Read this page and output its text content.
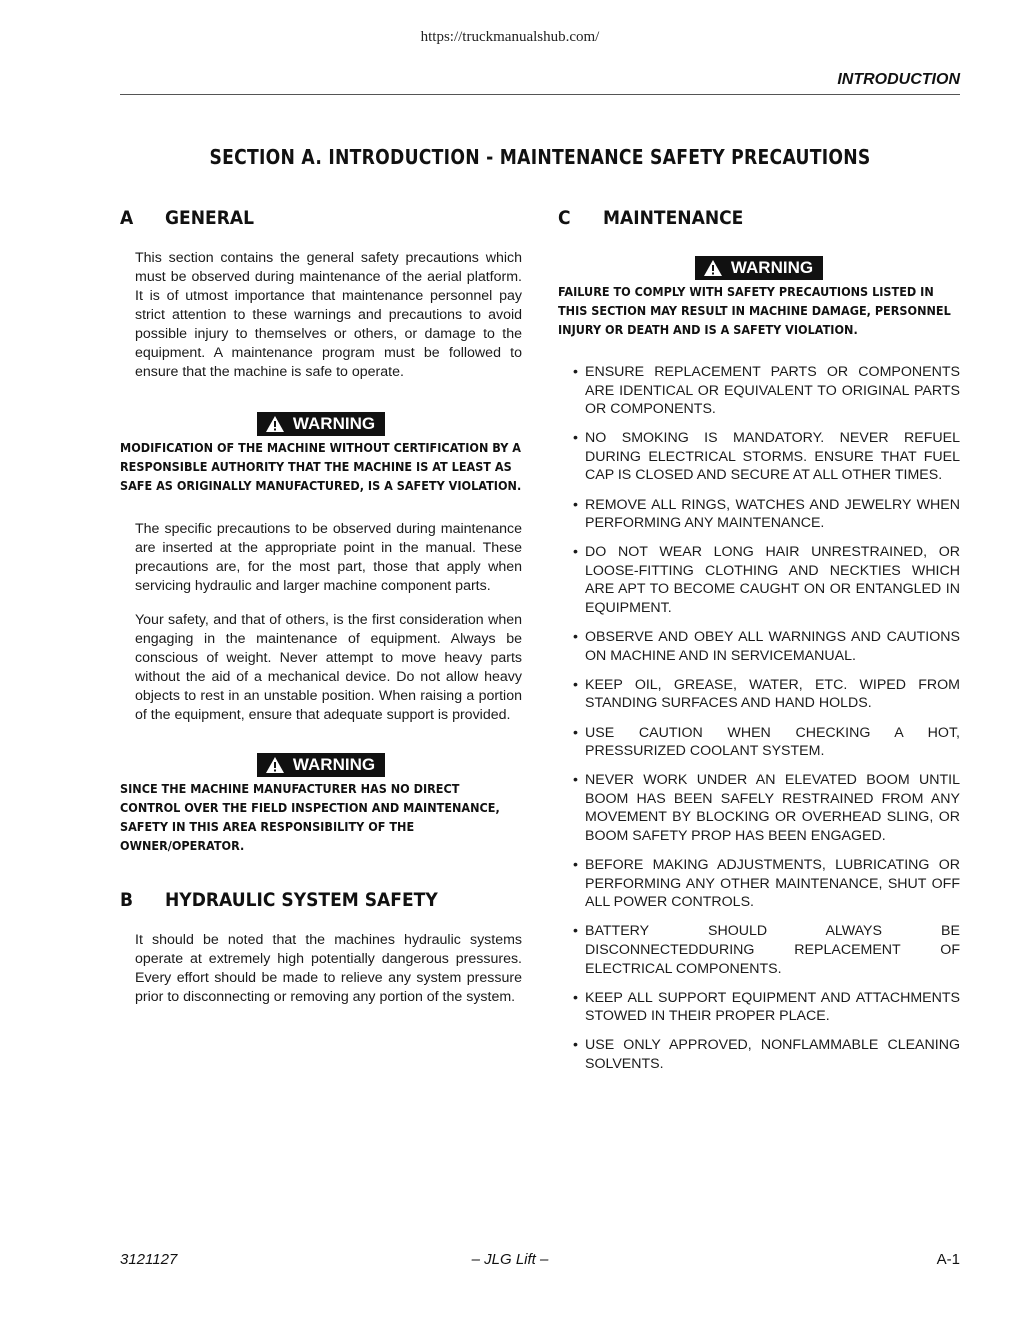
https://truckmanualshub.com/
INTRODUCTION
SECTION A. INTRODUCTION - MAINTENANCE SAFETY PRECAUTIONS
A	GENERAL

This section contains the general safety precautions which must be observed during maintenance of the aerial platform. It is of utmost importance that maintenance personnel pay strict attention to these warnings and precautions to avoid possible injury to themselves or others, or damage to the equipment. A maintenance program must be followed to ensure that the machine is safe to operate.

WARNING
MODIFICATION OF THE MACHINE WITHOUT CERTIFICATION BY A RESPONSIBLE AUTHORITY THAT THE MACHINE IS AT LEAST AS SAFE AS ORIGINALLY MANUFACTURED, IS A SAFETY VIOLATION.

The specific precautions to be observed during maintenance are inserted at the appropriate point in the manual. These precautions are, for the most part, those that apply when servicing hydraulic and larger machine component parts.

Your safety, and that of others, is the first consideration when engaging in the maintenance of equipment. Always be conscious of weight. Never attempt to move heavy parts without the aid of a mechanical device. Do not allow heavy objects to rest in an unstable position. When raising a portion of the equipment, ensure that adequate support is provided.

WARNING
SINCE THE MACHINE MANUFACTURER HAS NO DIRECT CONTROL OVER THE FIELD INSPECTION AND MAINTENANCE, SAFETY IN THIS AREA RESPONSIBILITY OF THE OWNER/OPERATOR.
B	HYDRAULIC SYSTEM SAFETY

It should be noted that the machines hydraulic systems operate at extremely high potentially dangerous pressures. Every effort should be made to relieve any system pressure prior to disconnecting or removing any portion of the system.

C	MAINTENANCE
WARNING
FAILURE TO COMPLY WITH SAFETY PRECAUTIONS LISTED IN THIS SECTION MAY RESULT IN MACHINE DAMAGE, PERSONNEL INJURY OR DEATH AND IS A SAFETY VIOLATION.
• ENSURE REPLACEMENT PARTS OR COMPONENTS ARE IDENTICAL OR EQUIVALENT TO ORIGINAL PARTS OR COMPONENTS.
• NO SMOKING IS MANDATORY. NEVER REFUEL DURING ELECTRICAL STORMS. ENSURE THAT FUEL CAP IS CLOSED AND SECURE AT ALL OTHER TIMES.
• REMOVE ALL RINGS, WATCHES AND JEWELRY WHEN PERFORMING ANY MAINTENANCE.
• DO NOT WEAR LONG HAIR UNRESTRAINED, OR LOOSE-FITTING CLOTHING AND NECKTIES WHICH ARE APT TO BECOME CAUGHT ON OR ENTANGLED IN EQUIPMENT.
• OBSERVE AND OBEY ALL WARNINGS AND CAUTIONS ON MACHINE AND IN SERVICEMANUAL.
• KEEP OIL, GREASE, WATER, ETC. WIPED FROM STANDING SURFACES AND HAND HOLDS.
• USE CAUTION WHEN CHECKING A HOT, PRESSURIZED COOLANT SYSTEM.
• NEVER WORK UNDER AN ELEVATED BOOM UNTIL BOOM HAS BEEN SAFELY RESTRAINED FROM ANY MOVEMENT BY BLOCKING OR OVERHEAD SLING, OR BOOM SAFETY PROP HAS BEEN ENGAGED.
• BEFORE MAKING ADJUSTMENTS, LUBRICATING OR PERFORMING ANY OTHER MAINTENANCE, SHUT OFF ALL POWER CONTROLS.
• BATTERY SHOULD ALWAYS BE DISCONNECTEDDURING REPLACEMENT OF ELECTRICAL COMPONENTS.
• KEEP ALL SUPPORT EQUIPMENT AND ATTACHMENTS STOWED IN THEIR PROPER PLACE.
• USE ONLY APPROVED, NONFLAMMABLE CLEANING SOLVENTS.
3121127	– JLG Lift –	A-1
